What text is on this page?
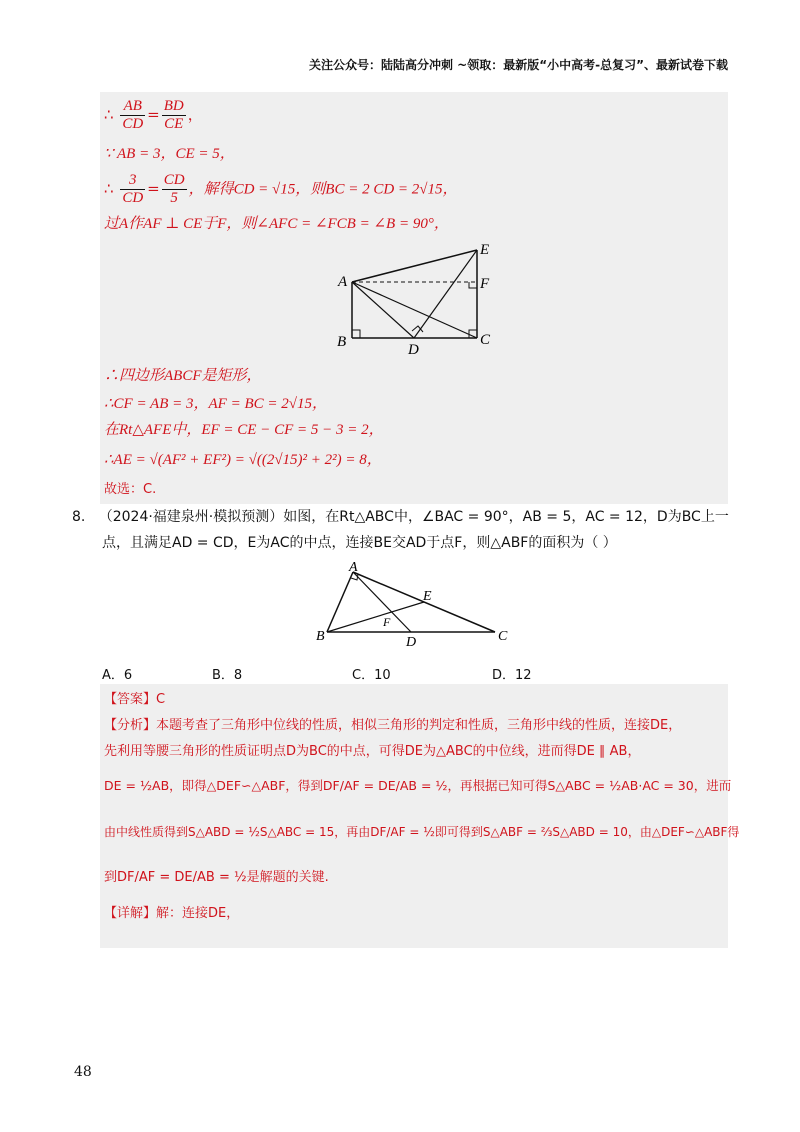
关注公众号：陆陆高分冲刺 ~领取：最新版“小中高考-总复习”、最新试卷下载
∴ $\frac{AB}{CD} = \frac{BD}{CE}$ ，
∵ AB = 3，CE = 5，
∴ $\frac{3}{CD} = \frac{CD}{5}$ ，解得CD = √15，则BC = 2 CD = 2√15，
过A作AF ⊥ CE于F，则∠AFC = ∠FCB = ∠B = 90°，
A
B	C
D
E
F
∴四边形ABCF是矩形，
∴CF = AB = 3，AF = BC = 2√15，
在Rt△AFE中，EF = CE − CF = 5 − 3 = 2，
∴AE = √(AF² + EF²) = √((2√15)² + 2²) = 8，
故选：C.
8. （2024·福建泉州·模拟预测）如图，在Rt△ABC中，∠BAC = 90°，AB = 5，AC = 12，D为BC上一
点，且满足AD = CD，E为AC的中点，连接BE交AD于点F，则△ABF的面积为（ ）
A
B	C
D
E
F
A．6	B．8	C．10	D．12
【答案】C
【分析】本题考查了三角形中位线的性质，相似三角形的判定和性质，三角形中线的性质，连接DE，
先利用等腰三角形的性质证明点D为BC的中点，可得DE为△ABC的中位线，进而得DE ∥ AB，
DE = ½AB，即得△DEF∽△ABF，得到DF/AF = DE/AB = ½，再根据已知可得S△ABC = ½AB·AC = 30，进而
由中线性质得到S△ABD = ½S△ABC = 15，再由DF/AF = ½即可得到S△ABF = ⅔S△ABD = 10，由△DEF∽△ABF得
到DF/AF = DE/AB = ½是解题的关键.
【详解】解：连接DE，
48
